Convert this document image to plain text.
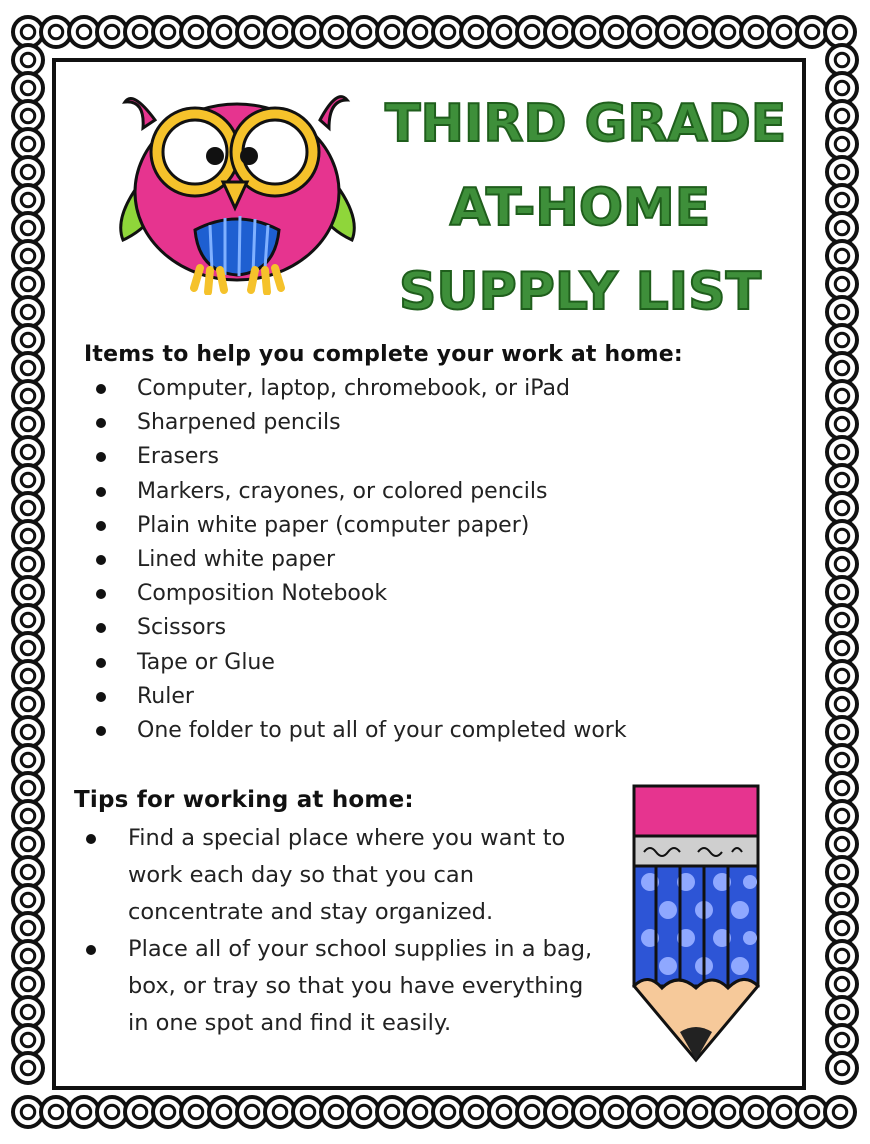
THIRD GRADE
AT-HOME
SUPPLY LIST
Items to help you complete your work at home:
Computer, laptop, chromebook, or iPad
Sharpened pencils
Erasers
Markers, crayones, or colored pencils
Plain white paper (computer paper)
Lined white paper
Composition Notebook
Scissors
Tape or Glue
Ruler
One folder to put all of your completed work
Tips for working at home:
Find a special place where you want to work each day so that you can concentrate and stay organized.
Place all of your school supplies in a bag, box, or tray so that you have everything in one spot and find it easily.
